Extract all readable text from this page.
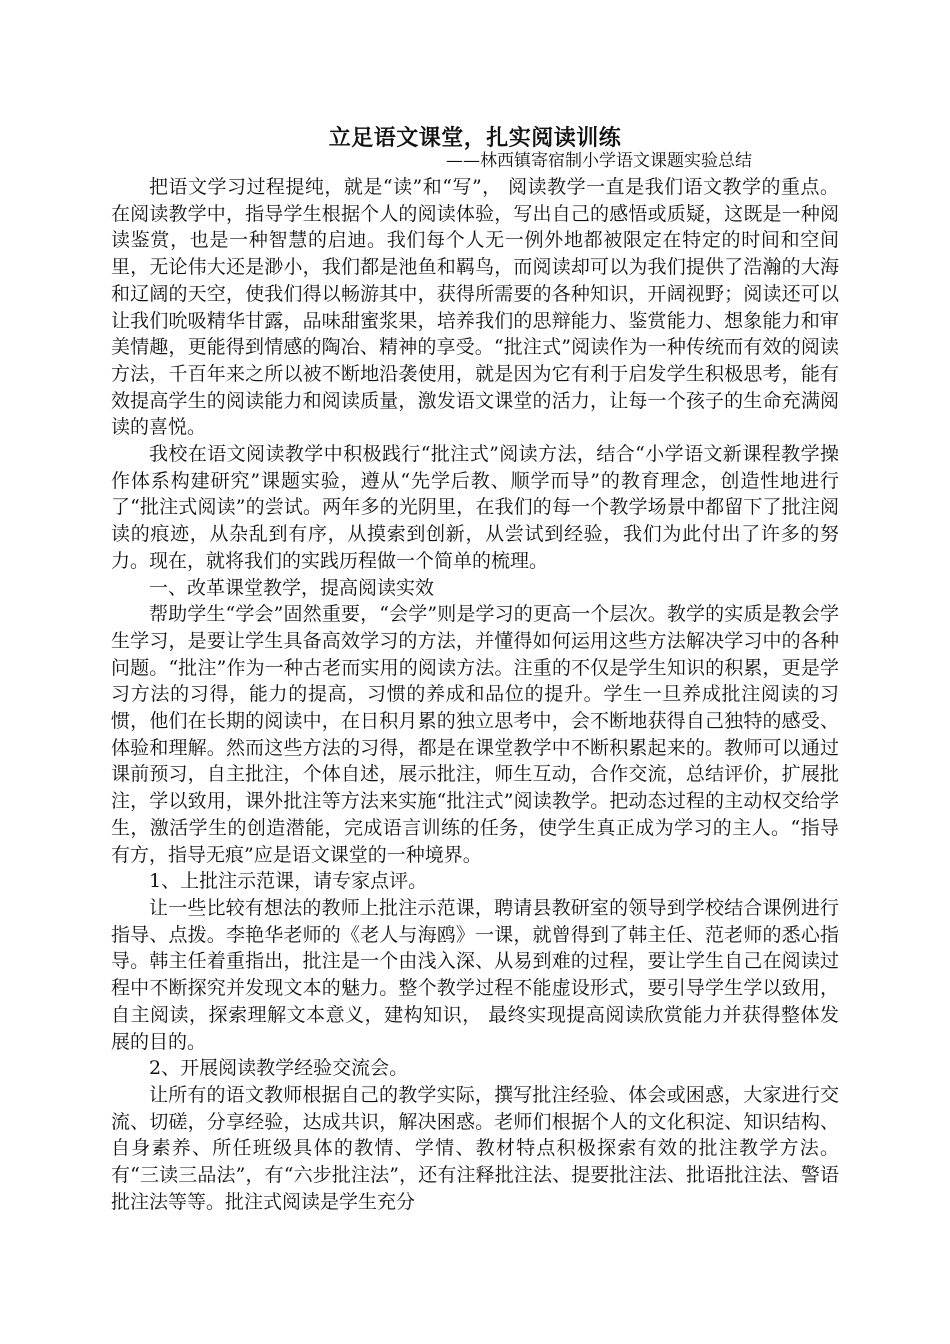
立足语文课堂，扎实阅读训练
——林西镇寄宿制小学语文课题实验总结

把语文学习过程提纯，就是“读”和“写”， 阅读教学一直是我们语文教学的重点。在阅读教学中，指导学生根据个人的阅读体验，写出自己的感悟或质疑，这既是一种阅读鉴赏，也是一种智慧的启迪。我们每个人无一例外地都被限定在特定的时间和空间里，无论伟大还是渺小，我们都是池鱼和羁鸟，而阅读却可以为我们提供了浩瀚的大海和辽阔的天空，使我们得以畅游其中，获得所需要的各种知识，开阔视野；阅读还可以让我们吮吸精华甘露，品味甜蜜浆果，培养我们的思辩能力、鉴赏能力、想象能力和审美情趣，更能得到情感的陶冶、精神的享受。“批注式”阅读作为一种传统而有效的阅读方法，千百年来之所以被不断地沿袭使用，就是因为它有利于启发学生积极思考，能有效提高学生的阅读能力和阅读质量，激发语文课堂的活力，让每一个孩子的生命充满阅读的喜悦。

我校在语文阅读教学中积极践行“批注式”阅读方法，结合“小学语文新课程教学操作体系构建研究”课题实验，遵从“先学后教、顺学而导”的教育理念，创造性地进行了“批注式阅读”的尝试。两年多的光阴里，在我们的每一个教学场景中都留下了批注阅读的痕迹，从杂乱到有序，从摸索到创新，从尝试到经验，我们为此付出了许多的努力。现在，就将我们的实践历程做一个简单的梳理。

一、改革课堂教学，提高阅读实效

帮助学生“学会”固然重要，“会学”则是学习的更高一个层次。教学的实质是教会学生学习，是要让学生具备高效学习的方法，并懂得如何运用这些方法解决学习中的各种问题。“批注”作为一种古老而实用的阅读方法。注重的不仅是学生知识的积累，更是学习方法的习得，能力的提高，习惯的养成和品位的提升。学生一旦养成批注阅读的习惯，他们在长期的阅读中，在日积月累的独立思考中，会不断地获得自己独特的感受、体验和理解。然而这些方法的习得，都是在课堂教学中不断积累起来的。教师可以通过课前预习，自主批注，个体自述，展示批注，师生互动，合作交流，总结评价，扩展批注，学以致用，课外批注等方法来实施“批注式”阅读教学。把动态过程的主动权交给学生，激活学生的创造潜能，完成语言训练的任务，使学生真正成为学习的主人。“指导有方，指导无痕”应是语文课堂的一种境界。

1、上批注示范课，请专家点评。

让一些比较有想法的教师上批注示范课，聘请县教研室的领导到学校结合课例进行指导、点拨。李艳华老师的《老人与海鸥》一课，就曾得到了韩主任、范老师的悉心指导。韩主任着重指出，批注是一个由浅入深、从易到难的过程，要让学生自己在阅读过程中不断探究并发现文本的魅力。整个教学过程不能虚设形式，要引导学生学以致用，自主阅读，探索理解文本意义，建构知识， 最终实现提高阅读欣赏能力并获得整体发展的目的。

2、开展阅读教学经验交流会。

让所有的语文教师根据自己的教学实际，撰写批注经验、体会或困惑，大家进行交流、切磋，分享经验，达成共识，解决困惑。老师们根据个人的文化积淀、知识结构、自身素养、所任班级具体的教情、学情、教材特点积极探索有效的批注教学方法。有“三读三品法”，有“六步批注法”，还有注释批注法、提要批注法、批语批注法、警语批注法等等。批注式阅读是学生充分
